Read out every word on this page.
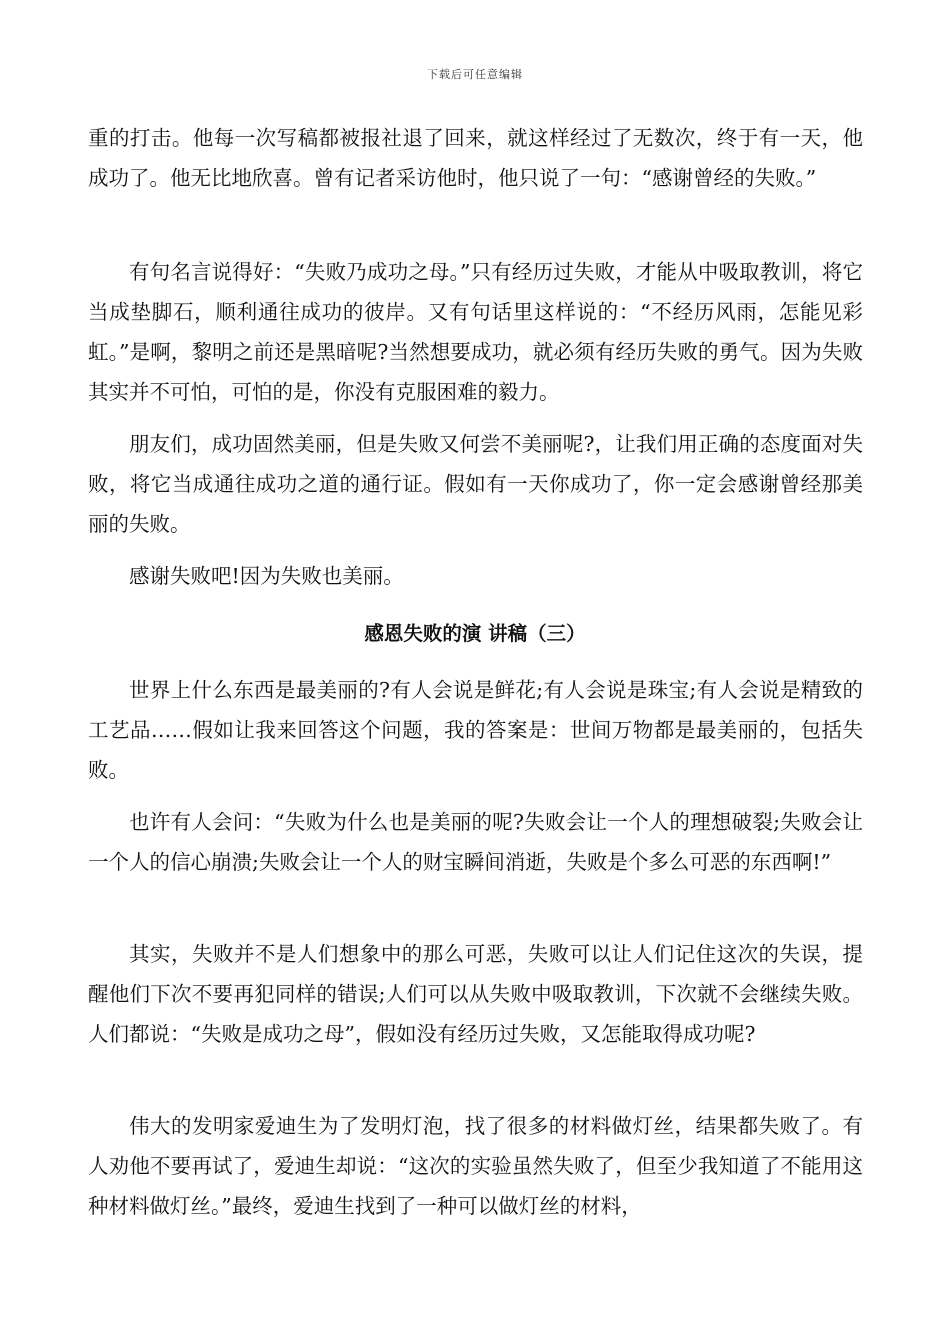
下载后可任意编辑

重的打击。他每一次写稿都被报社退了回来，就这样经过了无数次，终于有一天，他成功了。他无比地欣喜。曾有记者采访他时，他只说了一句：“感谢曾经的失败。”

有句名言说得好：“失败乃成功之母。”只有经历过失败，才能从中吸取教训，将它当成垫脚石，顺利通往成功的彼岸。又有句话里这样说的：“不经历风雨，怎能见彩虹。”是啊，黎明之前还是黑暗呢?当然想要成功，就必须有经历失败的勇气。因为失败其实并不可怕，可怕的是，你没有克服困难的毅力。

朋友们，成功固然美丽，但是失败又何尝不美丽呢?，让我们用正确的态度面对失败，将它当成通往成功之道的通行证。假如有一天你成功了，你一定会感谢曾经那美丽的失败。

感谢失败吧!因为失败也美丽。

感恩失败的演 讲稿（三）

世界上什么东西是最美丽的?有人会说是鲜花;有人会说是珠宝;有人会说是精致的工艺品……假如让我来回答这个问题，我的答案是：世间万物都是最美丽的，包括失败。

也许有人会问：“失败为什么也是美丽的呢?失败会让一个人的理想破裂;失败会让一个人的信心崩溃;失败会让一个人的财宝瞬间消逝，失败是个多么可恶的东西啊!”

其实，失败并不是人们想象中的那么可恶，失败可以让人们记住这次的失误，提醒他们下次不要再犯同样的错误;人们可以从失败中吸取教训，下次就不会继续失败。人们都说：“失败是成功之母”，假如没有经历过失败，又怎能取得成功呢?

伟大的发明家爱迪生为了发明灯泡，找了很多的材料做灯丝，结果都失败了。有人劝他不要再试了，爱迪生却说：“这次的实验虽然失败了，但至少我知道了不能用这种材料做灯丝。”最终，爱迪生找到了一种可以做灯丝的材料，
